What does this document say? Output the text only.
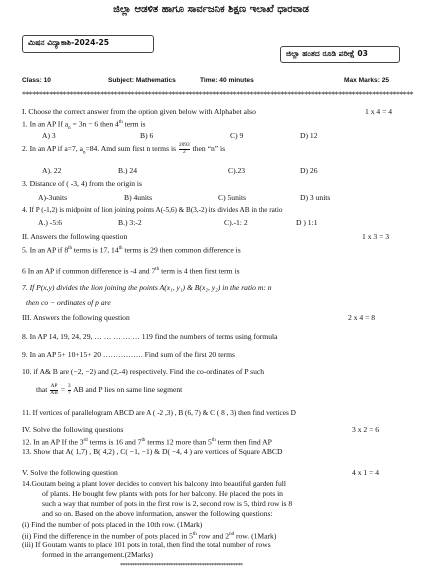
ಜಿಲ್ಲಾ ಆಡಳಿತ ಹಾಗೂ ಸಾರ್ವಜನಿಕ ಶಿಕ್ಷಣ ಇಲಾಖೆ ಧಾರವಾಡ
ಮಿಷನ ವಿದ್ಯಾಕಾಶಿ-2024-25
ಜಿಲ್ಲಾ ಹಂತದ ರೂಡಿ ಪರೀಕ್ಷೆ 03
Class: 10	Subject: Mathematics	Time: 40 minutes	Max Marks: 25
*******************************************************************************************************************
I. Choose the correct answer from the option given below with Alphabet also	1 x 4 = 4
1. In an AP If $a_n = 3n - 6$ then 4th term is
A) 3	B) 6	C) 9	D) 12
2. In an AP if a=7, $a_n=84$. Amd sum first n terms is $\frac{2093}{2}$ then “n” is
A). 22	B.) 24	C).23	D) 26
3. Distance of ( -3, 4) from the origin is
A)-3units	B) 4units	C) 5units	D) 3 units
4. If P (-1,2) is midpoint of lion joining points A(-5,6) & B(3,-2) its divides AB in the ratio
A.) -5:6	B.) 3:-2	C).-1: 2	D ) 1:1
II. Answers the following question	1 x 3 = 3
5. In an AP if 8th terms is 17, 14th terms is 29 then common difference is
6 In an AP if common difference is -4 and 7th term is 4 then first term is
7. If P(x,y) divides the lion joining the points A(x₁, y₁) & B(x₂, y₂) in the ratio m: n
then co − ordinates of p are
III. Answers the following question	2 x 4 = 8
8. In AP 14, 19, 24, 29, … … … … … 119 find the numbers of terms using formula
9. In an AP 5+ 10+15+ 20 ……………. Find sum of the first 20 terms
10. if A& B are (−2, −2) and (2,-4) respectively. Find the co-ordinates of P such
that $\frac{AP}{AB} = \frac{3}{7}$ AB and P lies on same line segment
11. If vertices of parallelogram ABCD are A ( -2 ,3) , B (6, 7) & C ( 8 , 3) then find vertices D
IV. Solve the following questions	3 x 2 = 6
12. In an AP If the 3rd terms is 16 and 7th terms 12 more than 5th term then find AP
13. Show that A( 1,7) , B( 4,2) , C( −1, −1) & D( −4, 4 ) are vertices of Square ABCD
V. Solve the following question	4 x 1 = 4
14.Goutam being a plant lover decides to convert his balcony into beautiful garden full
of plants. He bought few plants with pots for her balcony. He placed the pots in
such a way that number of pots in the first row is 2, second row is 5, third row is 8
and so on. Based on the above information, answer the following questions:
(i) Find the number of pots placed in the 10th row. (1Mark)
(ii) Find the difference in the number of pots placed in 5th row and 2nd row. (1Mark)
(iii) If Goutam wants to place 101 pots in total, then find the total number of rows
formed in the arrangement.(2Marks)
***************************************************
